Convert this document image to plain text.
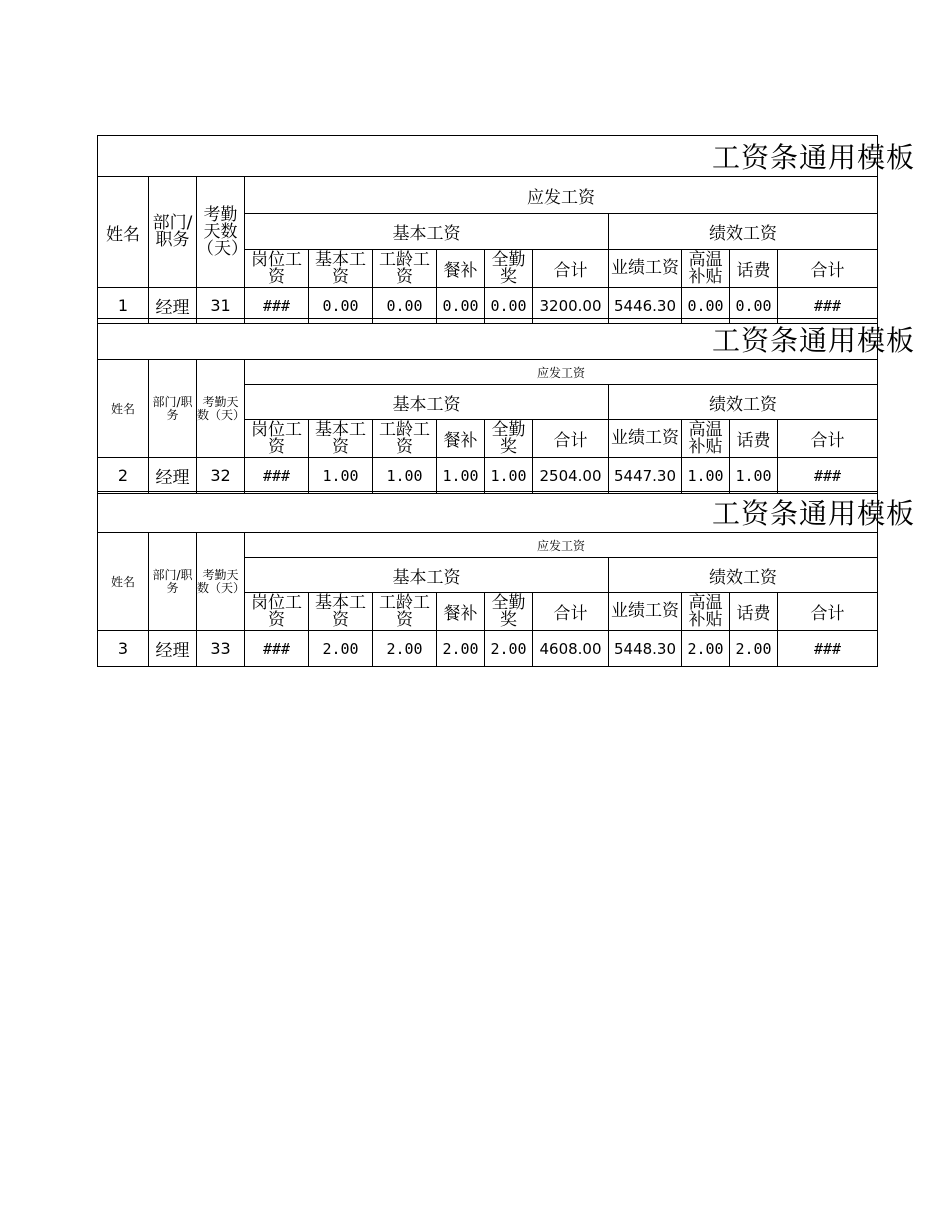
工资条通用模板												
姓名	部门/职务	考勤天数（天）	应发工资									
			基本工资						绩效工资			
			岗位工资	基本工资	工龄工资	餐补	全勤奖	合计	业绩工资	高温补贴	话费	合计
1	经理	31	###	0.00	0.00	0.00	0.00	3200.00	5446.30	0.00	0.00	###
工资条通用模板												
姓名	部门/职务	考勤天数（天）	应发工资									
			基本工资						绩效工资			
			岗位工资	基本工资	工龄工资	餐补	全勤奖	合计	业绩工资	高温补贴	话费	合计
2	经理	32	###	1.00	1.00	1.00	1.00	2504.00	5447.30	1.00	1.00	###
工资条通用模板												
姓名	部门/职务	考勤天数（天）	应发工资									
			基本工资						绩效工资			
			岗位工资	基本工资	工龄工资	餐补	全勤奖	合计	业绩工资	高温补贴	话费	合计
3	经理	33	###	2.00	2.00	2.00	2.00	4608.00	5448.30	2.00	2.00	###
